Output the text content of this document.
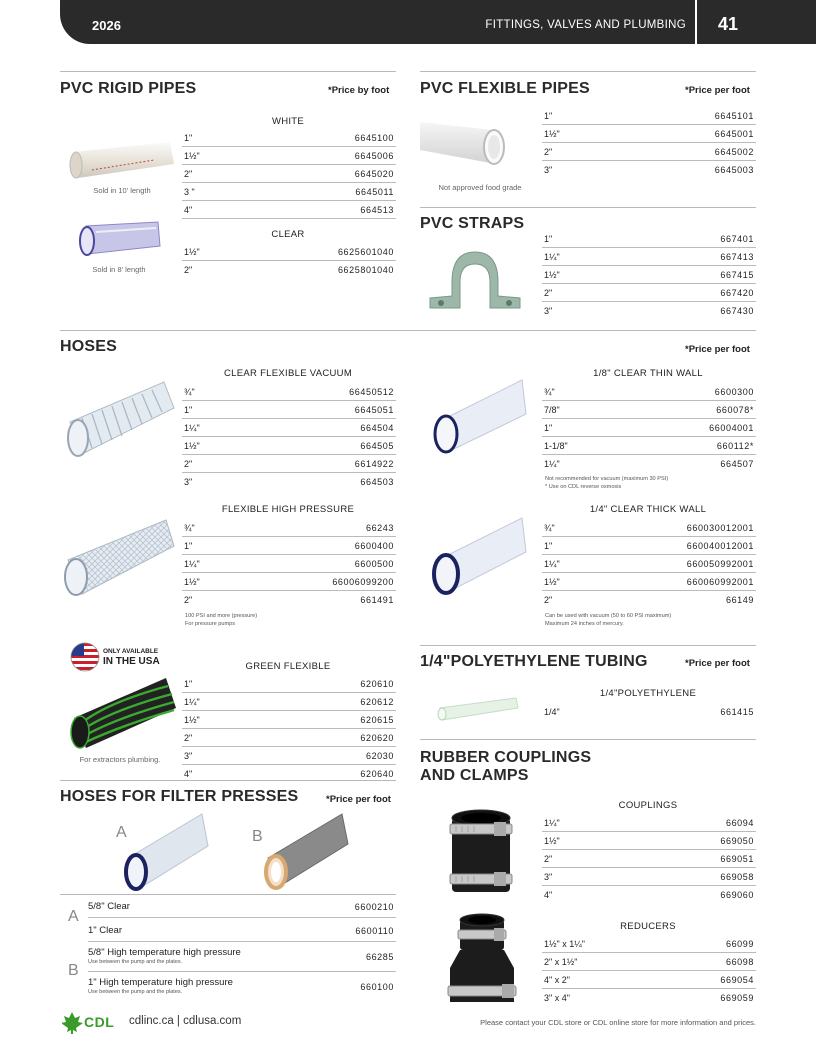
2026	FITTINGS, VALVES AND PLUMBING 41
PVC RIGID PIPES	*Price by foot
Sold in 10' length
Sold in 8' length
WHITE
1"	6645100
1½"	6645006
2"	6645020
3 "	6645011
4"	664513
CLEAR
1½"	6625601040
2"	6625801040
PVC FLEXIBLE PIPES	*Price per foot
Not approved food grade
1"	6645101
1½"	6645001
2"	6645002
3"	6645003
PVC STRAPS
1"	667401
1¼"	667413
1½"	667415
2"	667420
3"	667430
HOSES	*Price per foot
CLEAR FLEXIBLE VACUUM
¾"	66450512
1"	6645051
1¼"	664504
1½"	664505
2"	6614922
3"	664503
1/8" CLEAR THIN WALL
¾"	6600300
7/8"	660078*
1"	66004001
1-1/8"	660112*
1¼"	664507
Not recommended for vacuum (maximum 30 PSI)
* Use on CDL reverse osmosis
FLEXIBLE HIGH PRESSURE
¾"	66243
1"	6600400
1¼"	6600500
1½"	66006099200
2"	661491
100 PSI and more (pressure)
For pressure pumps
1/4" CLEAR THICK WALL
¾"	660030012001
1"	660040012001
1¼"	660050992001
1½"	660060992001
2"	66149
Can be used with vacuum (50 to 60 PSI maximum)
Maximum 24 inches of mercury.
ONLY AVAILABLE
IN THE USA
For extractors plumbing.
GREEN FLEXIBLE
1"	620610
1¼"	620612
1½"	620615
2"	620620
3"	62030
4"	620640
1/4"POLYETHYLENE TUBING	*Price per foot
1/4"POLYETHYLENE
1/4"	661415
RUBBER COUPLINGS
AND CLAMPS
COUPLINGS
1¼"	66094
1½"	669050
2"	669051
3"	669058
4"	669060
REDUCERS
1½" x 1¼"	66099
2" x 1½"	66098
4" x 2"	669054
3" x 4"	669059
HOSES FOR FILTER PRESSES	*Price per foot
A	B
A
B
5/8" Clear	6600210
1" Clear	6600110
5/8" High temperature high pressure
Use between the pump and the plates.	66285
1" High temperature high pressure
Use between the pump and the plates.	660100
CDL cdlinc.ca | cdlusa.com	Please contact your CDL store or CDL online store for more information and prices.
